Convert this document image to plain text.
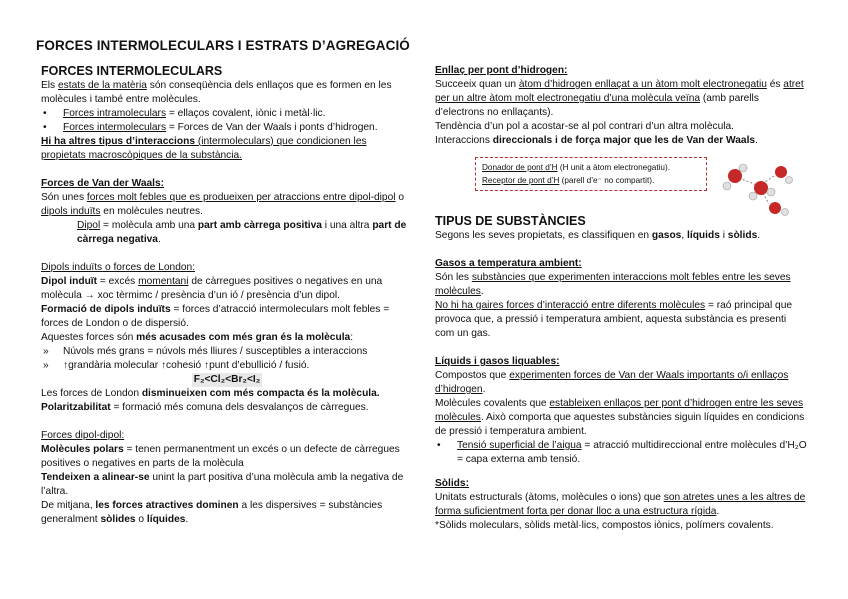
FORCES INTERMOLECULARS I ESTRATS D’AGREGACIÓ
FORCES INTERMOLECULARS

Els estats de la matèria són conseqüència dels enllaços que es formen en les molècules i també entre molècules.

• Forces intramoleculars = ellaços covalent, iònic i metàl·lic.

• Forces intermoleculars = Forces de Van der Waals i ponts d’hidrogen.

Hi ha altres tipus d’interaccions (intermoleculars) que condicionen les propietats macroscòpiques de la substància.

Forces de Van der Waals:

Són unes forces molt febles que es produeixen per atraccions entre dipol-dipol o dipols induïts en molècules neutres.

Dipol = molècula amb una part amb càrrega positiva i una altra part de càrrega negativa.

Dipols induïts o forces de London:

Dipol induït = excés momentani de càrregues positives o negatives en una molècula → xoc tèrmimc / presència d’un ió / presència d’un dipol.

Formació de dipols induïts = forces d’atracció intermoleculars molt febles = forces de London o de dispersió.

Aquestes forces són més acusades com més gran és la molècula:

» Núvols més grans = núvols més lliures / susceptibles a interaccions

» ↑grandària molecular ↑cohesió ↑punt d’ebullició / fusió.

F₂<Cl₂<Br₂<I₂

Les forces de London disminueixen com més compacta és la molècula.

Polaritzabilitat = formació més comuna dels desvalanços de càrregues.

Forces dipol-dipol:

Molècules polars = tenen permanentment un excés o un defecte de càrregues positives o negatives en parts de la molècula

Tendeixen a alinear-se unint la part positiva d’una molècula amb la negativa de l’altra.

De mitjana, les forces atractives dominen a les dispersives = substàncies generalment sòlides o líquides.

Enllaç per pont d’hidrogen:

Succeeix quan un àtom d’hidrogen enllaçat a un àtom molt electronegatiu és atret per un altre àtom molt electronegatiu d’una molècula veïna (amb parells d’electrons no enllaçants).

Tendència d’un pol a acostar-se al pol contrari d’un altra molècula.

Interaccions direccionals i de força major que les de Van der Waals.

Donador de pont d’H (H unit a àtom electronegatiu).
Receptor de pont d’H (parell d’e⁻ no compartit).
TIPUS DE SUBSTÀNCIES

Segons les seves propietats, es classifiquen en gasos, líquids i sòlids.

Gasos a temperatura ambient:

Són les substàncies que experimenten interaccions molt febles entre les seves molècules.

No hi ha gaires forces d’interacció entre diferents molècules = raó principal que provoca que, a pressió i temperatura ambient, aquesta substància es presenti com un gas.

Líquids i gasos liquables:

Compostos que experimenten forces de Van der Waals importants o/i enllaços d’hidrogen.

Molècules covalents que estableixen enllaços per pont d’hidrogen entre les seves molècules. Això comporta que aquestes substàncies siguin líquides en condicions de pressió i temperatura ambient.

• Tensió superficial de l’aigua = atracció multidireccional entre molècules d’H₂O = capa externa amb tensió.

Sòlids:

Unitats estructurals (àtoms, molècules o ions) que son atretes unes a les altres de forma suficientment forta per donar lloc a una estructura rígida.

*Sòlids moleculars, sòlids metàl·lics, compostos iònics, polímers covalents.
